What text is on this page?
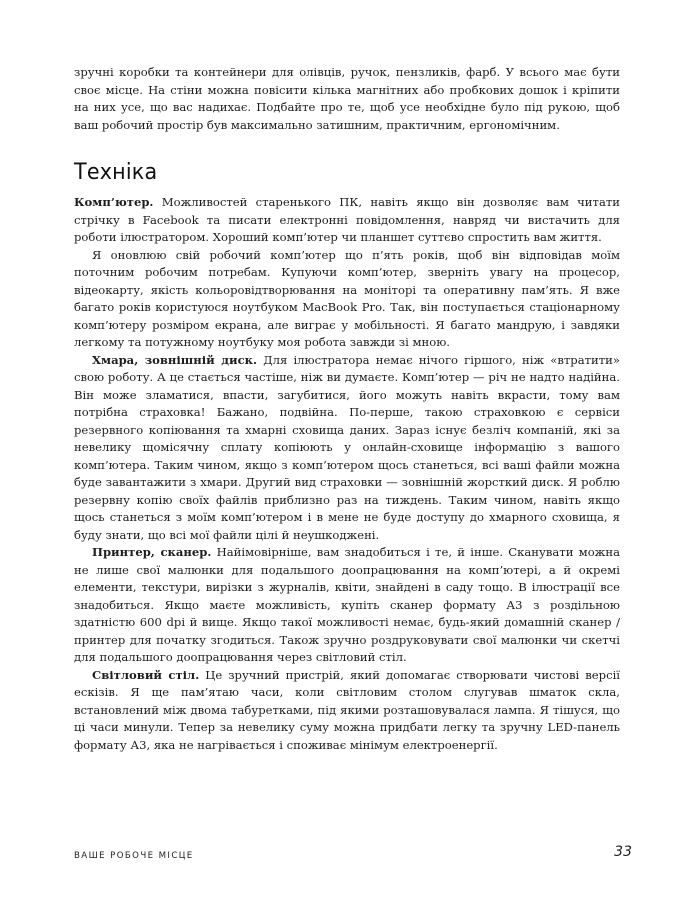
зручні коробки та контейнери для олівців, ручок, пензликів, фарб. У всього має бути своє місце. На стіни можна повісити кілька магнітних або пробкових дошок і кріпити на них усе, що вас надихає. Подбайте про те, щоб усе необхідне було під рукою, щоб ваш робочий простір був максимально затишним, практичним, ергономічним.

Техніка

Комп’ютер. Можливостей старенького ПК, навіть якщо він дозволяє вам читати стрічку в Facebook та писати електронні повідомлення, навряд чи вистачить для роботи ілюстратором. Хороший комп’ютер чи планшет суттєво спростить вам життя.

Я оновлюю свій робочий комп’ютер що п’ять років, щоб він відповідав моїм поточним робочим потребам. Купуючи комп’ютер, зверніть увагу на процесор, відеокарту, якість кольоровідтворювання на моніторі та оперативну пам’ять. Я вже багато років користуюся ноутбуком MacBook Pro. Так, він поступається стаціонарному комп’ютеру розміром екрана, але виграє у мобільності. Я багато мандрую, і завдяки легкому та потужному ноутбуку моя робота завжди зі мною.

Хмара, зовнішній диск. Для ілюстратора немає нічого гіршого, ніж «втратити» свою роботу. А це стається частіше, ніж ви думаєте. Комп’ютер — річ не надто надійна. Він може зламатися, впасти, загубитися, його можуть навіть вкрасти, тому вам потрібна страховка! Бажано, подвійна. По-перше, такою страховкою є сервіси резервного копіювання та хмарні сховища даних. Зараз існує безліч компаній, які за невелику щомісячну сплату копіюють у онлайн-сховище інформацію з вашого комп’ютера. Таким чином, якщо з комп’ютером щось станеться, всі ваші файли можна буде завантажити з хмари. Другий вид страховки — зовнішній жорсткий диск. Я роблю резервну копію своїх файлів приблизно раз на тиждень. Таким чином, навіть якщо щось станеться з моїм комп’ютером і в мене не буде доступу до хмарного сховища, я буду знати, що всі мої файли цілі й неушкоджені.

Принтер, сканер. Найімовірніше, вам знадобиться і те, й інше. Сканувати можна не лише свої малюнки для подальшого доопрацювання на комп’ютері, а й окремі елементи, текстури, вирізки з журналів, квіти, знайдені в саду тощо. В ілюстрації все знадобиться. Якщо маєте можливість, купіть сканер формату А3 з роздільною здатністю 600 dpi й вище. Якщо такої можливості немає, будь-який домашній сканер / принтер для початку згодиться. Також зручно роздруковувати свої малюнки чи скетчі для подальшого доопрацювання через світловий стіл.

Світловий стіл. Це зручний пристрій, який допомагає створювати чистові версії ескізів. Я ще пам’ятаю часи, коли світловим столом слугував шматок скла, встановлений між двома табуретками, під якими розташовувалася лампа. Я тішуся, що ці часи минули. Тепер за невелику суму можна придбати легку та зручну LED-панель формату А3, яка не нагрівається і споживає мінімум електроенергії.

ВАШЕ РОБОЧЕ МІСЦЕ	33
